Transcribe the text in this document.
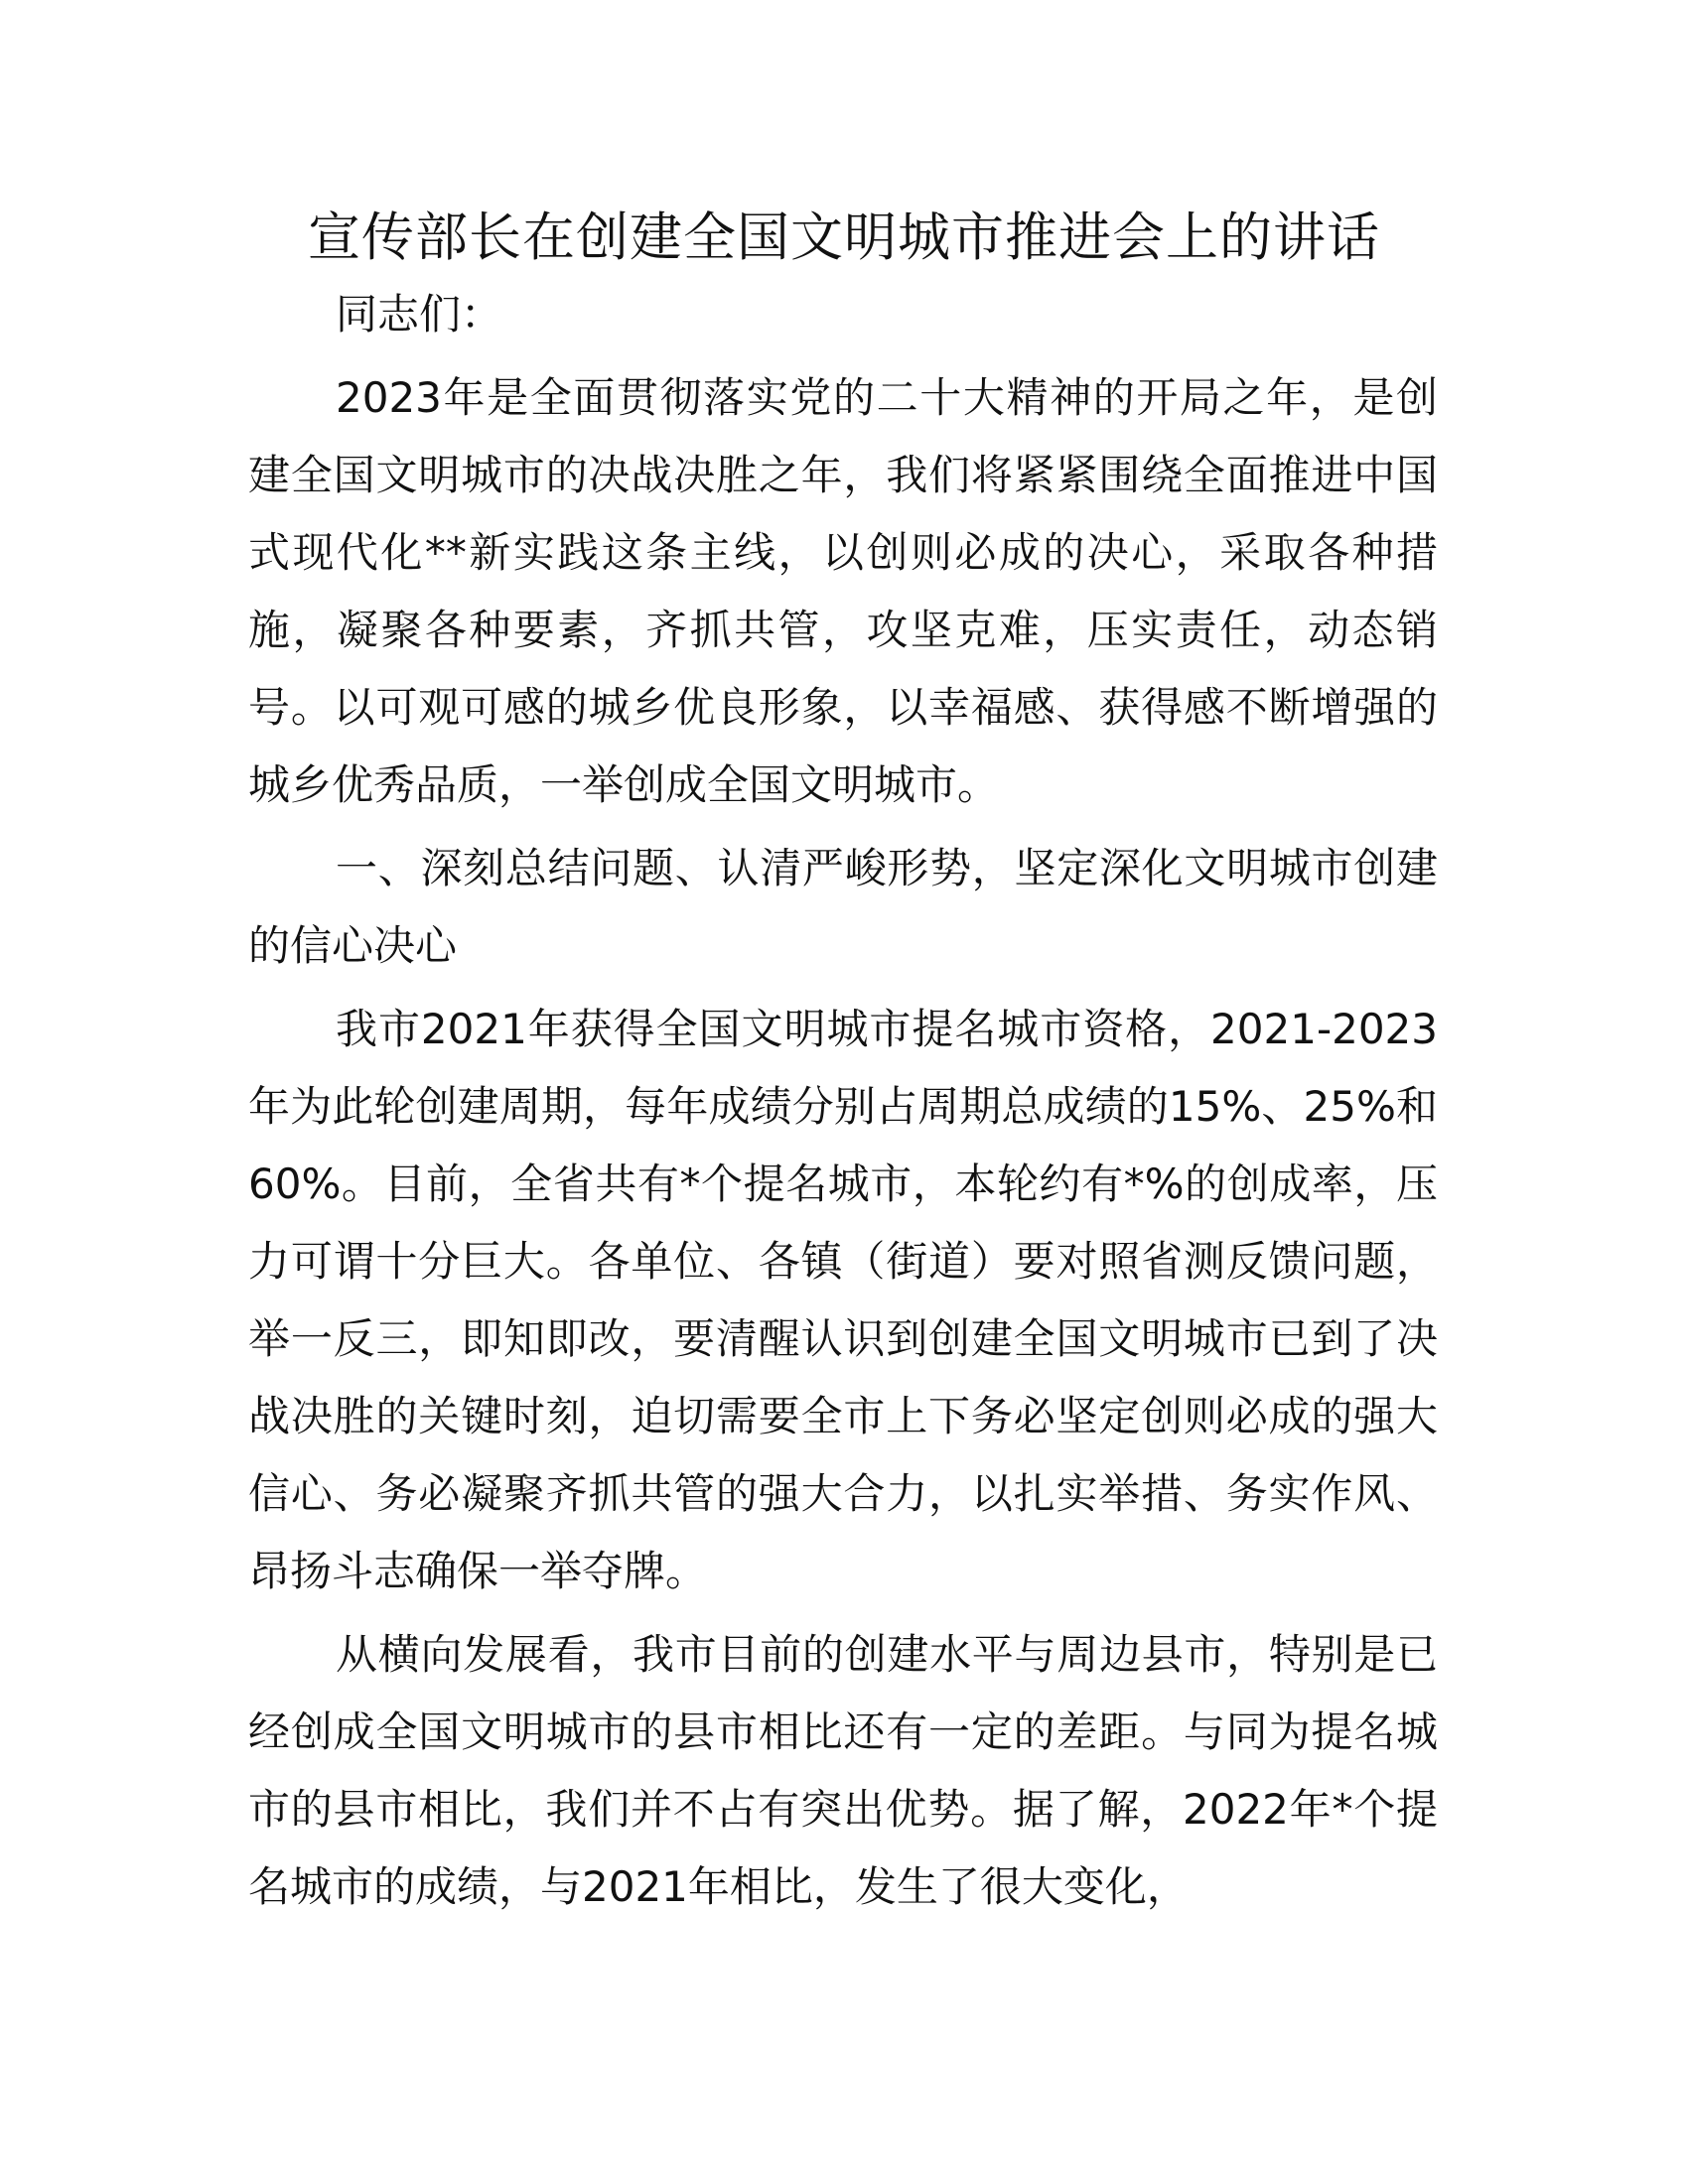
宣传部长在创建全国文明城市推进会上的讲话

同志们：

2023年是全面贯彻落实党的二十大精神的开局之年，是创建全国文明城市的决战决胜之年，我们将紧紧围绕全面推进中国式现代化**新实践这条主线，以创则必成的决心，采取各种措施，凝聚各种要素，齐抓共管，攻坚克难，压实责任，动态销号。以可观可感的城乡优良形象，以幸福感、获得感不断增强的城乡优秀品质，一举创成全国文明城市。

一、深刻总结问题、认清严峻形势，坚定深化文明城市创建的信心决心

我市2021年获得全国文明城市提名城市资格，2021-2023年为此轮创建周期，每年成绩分别占周期总成绩的15%、25%和60%。目前，全省共有*个提名城市，本轮约有*%的创成率，压力可谓十分巨大。各单位、各镇（街道）要对照省测反馈问题，举一反三，即知即改，要清醒认识到创建全国文明城市已到了决战决胜的关键时刻，迫切需要全市上下务必坚定创则必成的强大信心、务必凝聚齐抓共管的强大合力，以扎实举措、务实作风、昂扬斗志确保一举夺牌。

从横向发展看，我市目前的创建水平与周边县市，特别是已经创成全国文明城市的县市相比还有一定的差距。与同为提名城市的县市相比，我们并不占有突出优势。据了解，2022年*个提名城市的成绩，与2021年相比，发生了很大变化，
